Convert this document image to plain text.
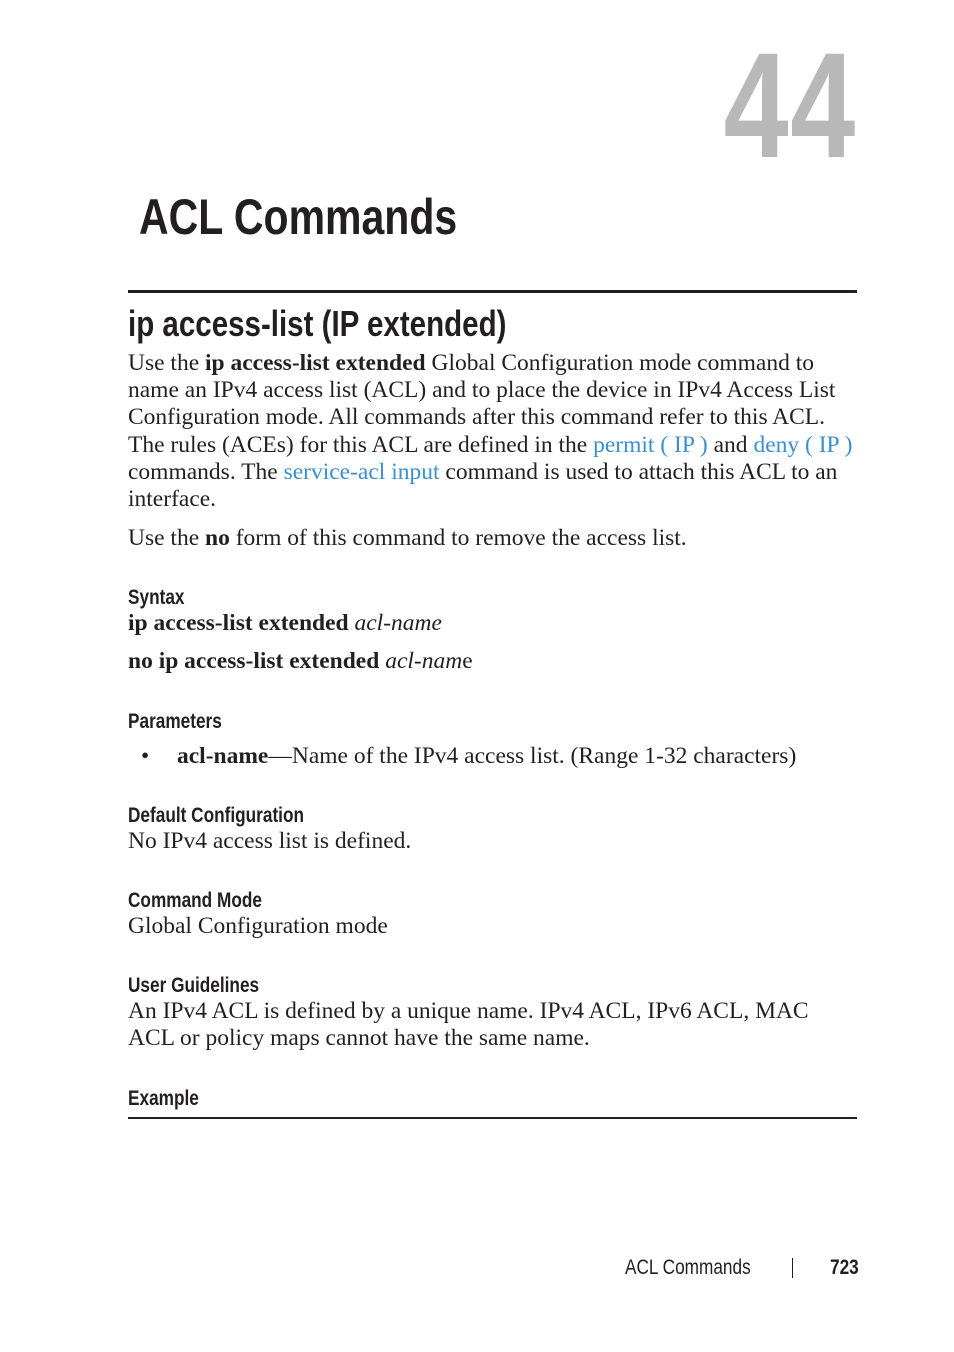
44
ACL Commands
ip access-list (IP extended)

Use the ip access-list extended Global Configuration mode command to name an IPv4 access list (ACL) and to place the device in IPv4 Access List Configuration mode. All commands after this command refer to this ACL. The rules (ACEs) for this ACL are defined in the permit ( IP ) and deny ( IP ) commands. The service-acl input command is used to attach this ACL to an interface.

Use the no form of this command to remove the access list.

Syntax

ip access-list extended acl-name

no ip access-list extended acl-name

Parameters
• acl-name—Name of the IPv4 access list. (Range 1-32 characters)

Default Configuration

No IPv4 access list is defined.

Command Mode

Global Configuration mode

User Guidelines

An IPv4 ACL is defined by a unique name. IPv4 ACL, IPv6 ACL, MAC ACL or policy maps cannot have the same name.

Example
ACL Commands	723
